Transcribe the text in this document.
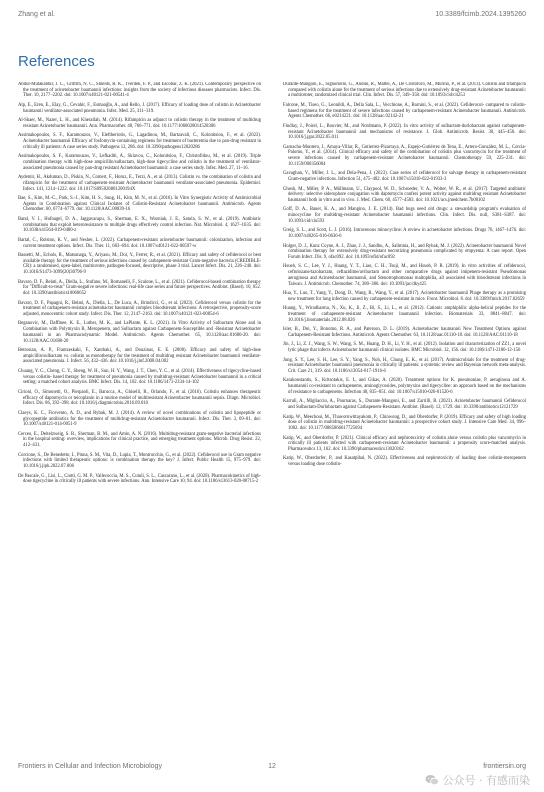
Zhang et al.	10.3389/fcimb.2024.1395260
References

Abdul-Mutakabbir, J. C., Griffith, N. C., Shields, R. K., Tverdek, F. P., and Escobar, Z. K. (2021). Contemporary perspective on the treatment of acinetobacter baumannii infections: insights from the society of infectious diseases pharmacists. Infect. Dis. Ther. 10, 2177–2202. doi: 10.1007/s40121-021-00541-4

Alp, E., Eren, E., Elay, G., Cevahir, F., Esmaoğlu, A., and Rello, J. (2017). Efficacy of loading dose of colistin in Acinetobacter baumannii ventilator-associated pneumonia. Infez. Med. 25, 311–319.

Al-Shaer, M., Nazer, L. H., and Kherallah, M. (2014). Rifampicin as adjunct to colistin therapy in the treatment of multidrug resistant Acinetobacter baumannii. Ann. Pharmacother. 48, 766–771. doi: 10.1177/1060028014528306

Assimakopoulos, S. F., Karamouzos, V., Eleftheriotis, G., Lagadinou, M., Bartzavali, C., Kolonitsiou, F., et al. (2023). Acinetobacter baumannii Efficacy of fosfomycin-containing regimens for treatment of bacteremia due to pan-drug resistant in critically ill patients: A case series study. Pathogens 12, 286. doi: 10.3390/pathogens12020286

Assimakopoulos, S. F., Karamouzos, V., Lefkaditi, A., Sklavou, C., Kolonitsiou, F., Christofidou, M., et al. (2019). Triple combination therapy with high-dose ampicillin/sulbactam, high-dose tigecycline and colistin in the treatment of ventilator-associated pneumonia caused by pan-drug resistant Acinetobacter baumannii: a case series study. Infez. Med. 27, 11–16.

Aydemir, H., Akduman, D., Piskin, N., Comert, F., Horuz, E., Terzi, A., et al. (2013). Colistin vs. the combination of colistin and rifampicin for the treatment of carbapenem-resistant Acinetobacter baumannii ventilator-associated pneumonia. Epidemiol. Infect. 141, 1214–1222. doi: 10.1017/S095026881200194X

Bae, S., Kim, M.-C., Park, S.-J., Kim, H. S., Sung, H., Kim, M. N., et al. (2016). In Vitro Synergistic Activity of Antimicrobial Agents in Combination against Clinical Isolates of Colistin-Resistant Acinetobacter baumannii. Antimicrob. Agents Chemother. 60, 6774–6779. doi: 10.1128/AAC.00839-16

Band, V. I., Hufnagel, D. A., Jaggavarapu, S., Sherman, E. X., Wozniak, J. E., Satola, S. W., et al. (2019). Antibiotic combinations that exploit heteroresistance to multiple drugs effectively control infection. Nat. Microbiol. 4, 1627–1635. doi: 10.1038/s41564-019-0480-z

Bartal, C., Rolston, K. V., and Nesher, L. (2022). Carbapenem-resistant acinetobacter baumannii: colonization, infection and current treatment options. Infect. Dis. Ther. 11, 683–694. doi: 10.1007/s40121-022-00597-w

Bassetti, M., Echols, R., Matsunaga, Y., Ariyasu, M., Doi, Y., Ferrer, R., et al. (2021). Efficacy and safety of cefiderocol or best available therapy for the treatment of serious infections caused by carbapenem-resistant Gram-negative bacteria (CREDIBLE-CR): a randomised, open-label, multicentre, pathogen-focused, descriptive, phase 3 trial. Lancet Infect. Dis. 21, 226–240. doi: 10.1016/S1473-3099(20)30796-9

Bavaro, D. F., Belati, A., Diella, L., Stufano, M., Romanelli, F., Scalone, L., et al. (2021). Cefiderocol-based combination therapy for "Difficult-to-treat" Gram-negative severe infections: real-life case series and future perspectives. Antibiot. (Basel). 10, 652. doi: 10.3390/antibiotics10060652

Bavaro, D. F., Papagni, R., Belati, A., Diella, L., De Luca, A., Brindicci, G., et al. (2023). Cefiderocol versus colistin for the treatment of carbapenem-resistant acinetobacter baumannii complex bloodstream infections: A retrospective, propensity-score adjusted, monocentric cohort study. Infect. Dis. Ther. 12, 2147–2163. doi: 10.1007/s40121-023-00854-6

Beganovic, M., Daffinee, K. E., Luther, M. K., and LaPlante, K. L. (2021). In Vitro Activity of Sulbactam Alone and in Combination with Polymyxin B, Meropenem, and Sulbactam against Carbapenem-Susceptible and -Resistant Acinetobacter baumannii in an Pharmacodynamic Model. Antimicrob. Agents Chemother. 65, 10.1128/aac.01680-20. doi: 10.1128/AAC.01680-20

Betrosian, A. P., Frantzeskaki, F., Xanthaki, A., and Douzinas, E. E. (2008). Efficacy and safety of high-dose ampicillin/sulbactam vs. colistin as monotherapy for the treatment of multidrug resistant Acinetobacter baumannii ventilator-associated pneumonia. J. Infect. 56, 432–436. doi: 10.1016/j.jinf.2008.04.002

Chuang, Y. C., Cheng, C. Y., Sheng, W. H., Sun, H. Y., Wang, J. T., Chen, Y. C., et al. (2014). Effectiveness of tigecycline-based versus colistin- based therapy for treatment of pneumonia caused by multidrug-resistant Acinetobacter baumannii in a critical setting: a matched cohort analysis. BMC Infect. Dis. 14, 102. doi: 10.1186/1471-2334-14-102

Cirioni, O., Simonetti, O., Pierpaoli, E., Barucca, A., Ghiselli, R., Orlando, F., et al. (2016). Colistin enhances therapeutic efficacy of daptomycin or teicoplanin in a murine model of multiresistant Acinetobacter baumannii sepsis. Diagn. Microbiol. Infect. Dis. 86, 392–398. doi: 10.1016/j.diagmicrobio.2016.09.010

Claeys, K. C., Fiorvento, A. D., and Rybak, M. J. (2014). A review of novel combinations of colistin and lipopeptide or glycopeptide antibiotics for the treatment of multidrug-resistant Acinetobacter baumannii. Infect. Dis. Ther. 3, 69–81. doi: 10.1007/s40121-014-0051-9

Cerceo, E., Deitelzweig, S. B., Sherman, B. M., and Amin, A. N. (2016). Multidrug-resistant gram-negative bacterial infections in the hospital setting: overview, implications for clinical practice, and emerging treatment options. Microb. Drug Resist. 22, 412–431.

Corcione, S., De Benedetto, I., Pinna, S. M., Vita, D., Lupia, T., Montrucchio, G., et al. (2022). Cefiderocol use in Gram negative infections with limited therapeutic options: is combination therapy the key? J. Infect. Public Health 15, 975–979. doi: 10.1016/j.jiph.2022.07.006

De Pascale, G., Lisi, L., Ciotti, G. M. P., Vallecoccia, M. S., Cutuli, S. L., Cascarano, L., et al. (2020). Pharmacokinetics of high-dose tigecycline in critically ill patients with severe infections. Ann. Intensive Care 10, 94. doi: 10.1186/s13613-020-00715-2

Durante-Mangoni, E., Signoriello, G., Andini, R., Mattei, A., De Cristoforo, M., Murino, P., et al. (2013). Colistin and rifampicin compared with colistin alone for the treatment of serious infections due to extensively drug-resistant Acinetobacter baumannii: a multicenter, randomized clinical trial. Clin. Infect. Dis. 57, 349–358. doi: 10.1093/cid/cit253

Falcone, M., Tiseo, G., Leonildi, A., Della Sala, L., Vecchione, A., Barnini, S., et al. (2022). Cefiderocol- compared to colistin-based regimens for the treatment of severe infections caused by carbapenem-resistant Acinetobacter baumannii. Antimicrob. Agents Chemother. 66, e0214221. doi: 10.1128/aac.02142-21

Findlay, J., Poirel, L., Bouvier, M., and Nordmann, P. (2022). In vitro activity of sulbactam-durlobactam against carbapenem-resistant Acinetobacter baumannii and mechanisms of resistance. J. Glob. Antimicrob. Resist. 30, 445–450. doi: 10.1016/j.jgar.2022.05.011

Garnacho-Montero, J., Amaya-Villar, R., Gutierrez-Pizarraya, A., Espejo-Gutiérrez de Tena, E., Artero-González, M. L., Corcia-Palomo, Y., et al. (2014). Clinical efficacy and safety of the combination of colistin plus vancomycin for the treatment of severe infections caused by carbapenem-resistant Acinetobacter baumannii. Chemotherapy 59, 225–231. doi: 10.1159/000356004

Gavaghan, V., Miller, J. L., and Dela-Pena, J. (2023). Case series of cefiderocol for salvage therapy in carbapenem-resistant Gram-negative infections. Infection 51, 475–482. doi: 10.1007/s15010-022-01933-3

Ghosh, M., Miller, P. A., Möllmann, U., Claypool, W. D., Schroeder, V. A., Wolter, W. R., et al. (2017). Targeted antibiotic delivery: selective siderophore conjugation with daptomycin confers potent activity against multidrug resistant Acinetobacter baumannii both in vitro and in vivo. J. Med. Chem. 60, 4577–4583. doi: 10.1021/acs.jmedchem.7b00102

Goff, D. A., Bauer, K. A., and Mangino, J. E. (2014). Bad bugs need old drugs: a stewardship program's evaluation of minocycline for multidrug-resistant Acinetobacter baumannii infections. Clin. Infect. Dis. null, S381–S387. doi: 10.1093/cid/ciu593

Greig, S. L., and Scott, L. J. (2016). Intravenous minocycline: A review in acinetobacter infections. Drugs 76, 1467–1476. doi: 10.1007/s40265-016-0636-6

Holger, D. J., Kunz Coyne, A. J., Zhao, J. J., Sandhu, A., Salimnia, H., and Rybak, M. J. (2022). Acinetobacter baumannii Novel combination therapy for extensively drug-resistant necrotizing pneumonia complicated by empyema: A case report. Open Forum Infect. Dis. 9, ofac092. doi: 10.1093/ofid/ofac092

Hsueh, S. C., Lee, Y. J., Huang, Y. T., Liao, C. H., Tsuji, M., and Hsueh, P. R. (2019). In vitro activities of cefiderocol, ceftolozane/tazobactam, ceftazidime/avibactam and other comparative drugs against imipenem-resistant Pseudomonas aeruginosa and Acinetobacter baumannii, and Stenotrophomonas maltophilia, all associated with bloodstream infections in Taiwan. J. Antimicrob. Chemother. 74, 380–386. doi: 10.1093/jac/dky425

Hua, Y., Luo, T., Yang, Y., Dong, D., Wang, R., Wang, Y., et al. (2017). Acinetobacter baumannii Phage therapy as a promising new treatment for lung infection caused by carbapenem-resistant in mice. Front. Microbiol. 8. doi: 10.3389/fmicb.2017.02659

Huang, Y., Wiradharma, N., Xu, K., Ji, Z., Bi, S., Li, L., et al. (2012). Cationic amphiphilic alpha-helical peptides for the treatment of carbapenem-resistant Acinetobacter baumannii infection. Biomaterials 33, 8841–8847. doi: 10.1016/j.biomaterials.2012.08.026

Isler, B., Doi, Y., Bonomo, R. A., and Paterson, D. L. (2019). Acinetobacter baumannii New Treatment Options against Carbapenem-Resistant Infections. Antimicrob. Agents Chemother. 63, 10.1128/aac.01110-18. doi: 10.1128/AAC.01110-18

Jin, J., Li, Z. J., Wang, S. W., Wang, S. M., Huang, D. H., Li, Y. H., et al. (2012). Isolation and characterization of ZZ1, a novel lytic phage that infects Acinetobacter baumannii clinical isolates. BMC Microbiol. 12, 156. doi: 10.1186/1471-2180-12-156

Jung, S. Y., Lee, S. H., Lee, S. Y., Yang, S., Noh, H., Chung, E. K., et al. (2017). Antimicrobials for the treatment of drug-resistant Acinetobacter baumannii pneumonia in critically ill patients: a systemic review and Bayesian network meta-analysis. Crit. Care 21, 319. doi: 10.1186/s13054-017-1916-6

Karakonstantis, S., Kritsotakis, E. I., and Gikas, A. (2020). Treatment options for K. pneumoniae, P. aeruginosa and A. baumannii co-resistant to carbapenems, aminoglycosides, polymyxins and tigecycline: an approach based on the mechanisms of resistance to carbapenems. Infection 48, 835–851. doi: 10.1007/s15010-020-01520-6

Karruli, A., Migliaccio, A., Pournaras, S., Durante-Mangoni, E., and Zarrilli, R. (2023). Acinetobacter baumannii Cefiderocol and Sulbactam-Durlobactam against Carbapenem-Resistant. Antibiot. (Basel). 12, 1729. doi: 10.3390/antibiotics12121729

Katip, W., Meechoui, M., Thawornwittayakom, P., Chinwong, D., and Oberdorfer, P. (2019). Efficacy and safety of high loading dose of colistin in multidrug-resistant Acinetobacter baumannii: a prospective cohort study. J. Intensive Care Med. 34, 996–1002. doi: 10.1177/0885066617725694

Katip, W., and Oberdorfer, P. (2021). Clinical efficacy and nephrotoxicity of colistin alone versus colistin plus vancomycin in critically ill patients infected with carbapenem-resistant Acinetobacter baumannii: a propensity score-matched analysis. Pharmaceutics 13, 162. doi: 10.3390/pharmaceutics13020162

Katip, W., Oberdorfer, P., and Kasatpibal, N. (2022). Effectiveness and nephrotoxicity of loading dose colistin-meropenem versus loading dose colistin-

Frontiers in Cellular and Infection Microbiology	12	frontiersin.org
公众号 · 有感而染
